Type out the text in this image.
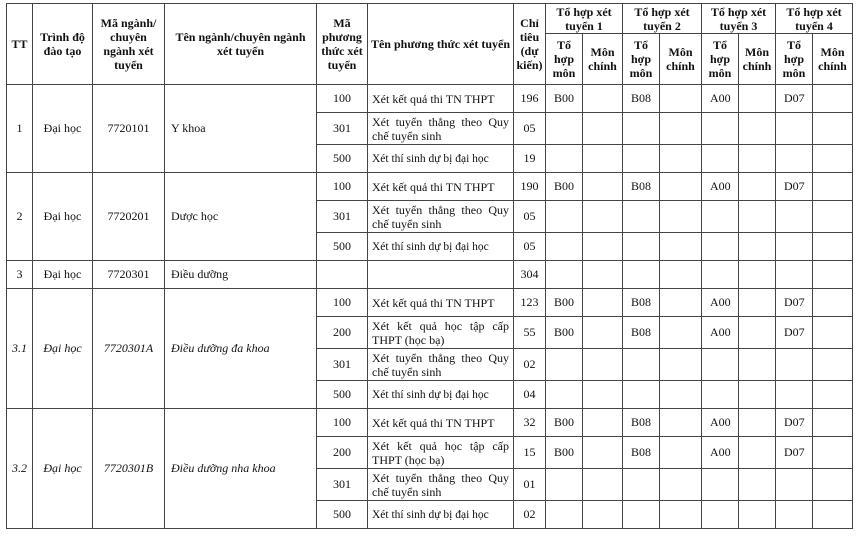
TT	Trình độ đào tạo	Mã ngành/ chuyên ngành xét tuyển	Tên ngành/chuyên ngành xét tuyển	Mã phương thức xét tuyển	Tên phương thức xét tuyển	Chỉ tiêu (dự kiến)	Tổ hợp xét tuyển 1		Tổ hợp xét tuyển 2		Tổ hợp xét tuyển 3		Tổ hợp xét tuyển 4	
							Tổ hợp môn	Môn chính	Tổ hợp môn	Môn chính	Tổ hợp môn	Môn chính	Tổ hợp môn	Môn chính
1	Đại học	7720101	Y khoa	100	Xét kết quả thi TN THPT	196	B00		B08		A00		D07	
				301	Xét tuyển thẳng theo Quy chế tuyển sinh	05								
				500	Xét thí sinh dự bị đại học	19								
2	Đại học	7720201	Dược học	100	Xét kết quả thi TN THPT	190	B00		B08		A00		D07	
				301	Xét tuyển thẳng theo Quy chế tuyển sinh	05								
				500	Xét thí sinh dự bị đại học	05								
3	Đại học	7720301	Điều dưỡng			304								
3.1	Đại học	7720301A	Điều dưỡng đa khoa	100	Xét kết quả thi TN THPT	123	B00		B08		A00		D07	
				200	Xét kết quả học tập cấp THPT (học bạ)	55	B00		B08		A00		D07	
				301	Xét tuyển thẳng theo Quy chế tuyển sinh	02								
				500	Xét thí sinh dự bị đại học	04								
3.2	Đại học	7720301B	Điều dưỡng nha khoa	100	Xét kết quả thi TN THPT	32	B00		B08		A00		D07	
				200	Xét kết quả học tập cấp THPT (học bạ)	15	B00		B08		A00		D07	
				301	Xét tuyển thẳng theo Quy chế tuyển sinh	01								
				500	Xét thí sinh dự bị đại học	02								
